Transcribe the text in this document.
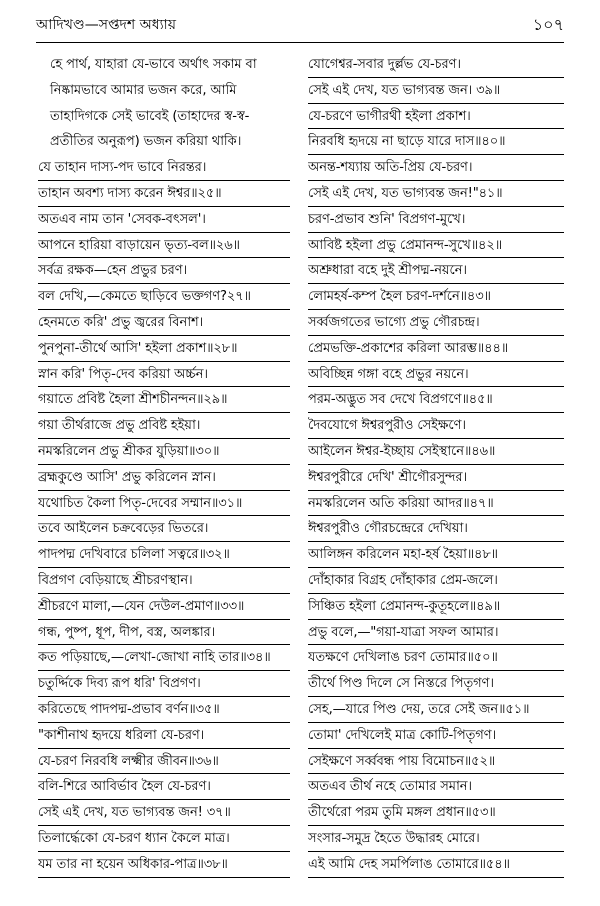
আদিখণ্ড—সপ্তদশ অধ্যায়	১০৭
হে পার্থ, যাহারা যে-ভাবে অর্থাৎ সকাম বা
নিষ্কামভাবে আমার ভজন করে, আমি
তাহাদিগকে সেই ভাবেই (তাহাদের স্ব-স্ব-
প্রতীতির অনুরূপ) ভজন করিয়া থাকি।
যে তাহান দাস্য-পদ ভাবে নিরন্তর।
তাহান অবশ্য দাস্য করেন ঈশ্বর॥২৫॥
অতএব নাম তান 'সেবক-বৎসল'।
আপনে হারিয়া বাড়ায়েন ভৃত্য-বল॥২৬॥
সর্বত্র রক্ষক—হেন প্রভুর চরণ।
বল দেখি,—কেমতে ছাড়িবে ভক্তগণ?২৭॥
হেনমতে করি' প্রভু জ্বরের বিনাশ।
পুনপুনা-তীর্থে আসি' হইলা প্রকাশ॥২৮॥
স্নান করি' পিতৃ-দেব করিয়া অর্চ্চন।
গয়াতে প্রবিষ্ট হৈলা শ্রীশচীনন্দন॥২৯॥
গয়া তীর্থরাজে প্রভু প্রবিষ্ট হইয়া।
নমস্করিলেন প্রভু শ্রীকর যুড়িয়া॥৩০॥
ব্রহ্মকুণ্ডে আসি' প্রভু করিলেন স্নান।
যথোচিত কৈলা পিতৃ-দেবের সম্মান॥৩১॥
তবে আইলেন চক্রবেড়ের ভিতরে।
পাদপদ্ম দেখিবারে চলিলা সত্বরে॥৩২॥
বিপ্রগণ বেড়িয়াছে শ্রীচরণস্থান।
শ্রীচরণে মালা,—যেন দেউল-প্রমাণ॥৩৩॥
গন্ধ, পুষ্প, ধূপ, দীপ, বস্ত্র, অলঙ্কার।
কত পড়িয়াছে,—লেখা-জোখা নাহি তার॥৩৪॥
চতুর্দ্দিকে দিব্য রূপ ধরি' বিপ্রগণ।
করিতেছে পাদপদ্ম-প্রভাব বর্ণন॥৩৫॥
"কাশীনাথ হৃদয়ে ধরিলা যে-চরণ।
যে-চরণ নিরবধি লক্ষ্মীর জীবন॥৩৬॥
বলি-শিরে আবির্ভাব হৈল যে-চরণ।
সেই এই দেখ, যত ভাগ্যবন্ত জন! ৩৭॥
তিলার্দ্ধেকো যে-চরণ ধ্যান কৈলে মাত্র।
যম তার না হয়েন অধিকার-পাত্র॥৩৮॥
যোগেশ্বর-সবার দুর্ল্লভ যে-চরণ।
সেই এই দেখ, যত ভাগ্যবন্ত জন। ৩৯॥
যে-চরণে ভাগীরথী হইলা প্রকাশ।
নিরবধি হৃদয়ে না ছাড়ে যারে দাস॥৪০॥
অনন্ত-শয্যায় অতি-প্রিয় যে-চরণ।
সেই এই দেখ, যত ভাগ্যবন্ত জন!"৪১॥
চরণ-প্রভাব শুনি' বিপ্রগণ-মুখে।
আবিষ্ট হইলা প্রভু প্রেমানন্দ-সুখে॥৪২॥
অশ্রুধারা বহে দুই শ্রীপদ্ম-নয়নে।
লোমহর্ষ-কম্প হৈল চরণ-দর্শনে॥৪৩॥
সর্ব্বজগতের ভাগ্যে প্রভু গৌরচন্দ্র।
প্রেমভক্তি-প্রকাশের করিলা আরম্ভ॥৪৪॥
অবিচ্ছিন্ন গঙ্গা বহে প্রভুর নয়নে।
পরম-অদ্ভুত সব দেখে বিপ্রগণে॥৪৫॥
দৈবযোগে ঈশ্বরপুরীও সেইক্ষণে।
আইলেন ঈশ্বর-ইচ্ছায় সেইস্থানে॥৪৬॥
ঈশ্বরপুরীরে দেখি' শ্রীগৌরসুন্দর।
নমস্করিলেন অতি করিয়া আদর॥৪৭॥
ঈশ্বরপুরীও গৌরচন্দ্রেরে দেখিয়া।
আলিঙ্গন করিলেন মহা-হর্ষ হৈয়া॥৪৮॥
দোঁহাকার বিগ্রহ দোঁহাকার প্রেম-জলে।
সিঞ্চিত হইলা প্রেমানন্দ-কুতূহলে॥৪৯॥
প্রভু বলে,—"গয়া-যাত্রা সফল আমার।
যতক্ষণে দেখিলাঙ চরণ তোমার॥৫০॥
তীর্থে পিণ্ড দিলে সে নিস্তরে পিতৃগণ।
সেহ,—যারে পিণ্ড দেয়, তরে সেই জন॥৫১॥
তোমা' দেখিলেই মাত্র কোটি-পিতৃগণ।
সেইক্ষণে সর্ব্ববন্ধ পায় বিমোচন॥৫২॥
অতএব তীর্থ নহে তোমার সমান।
তীর্থেরো পরম তুমি মঙ্গল প্রধান॥৫৩॥
সংসার-সমুদ্র হৈতে উদ্ধারহ মোরে।
এই আমি দেহ সমর্পিলাঙ তোমারে॥৫৪॥
